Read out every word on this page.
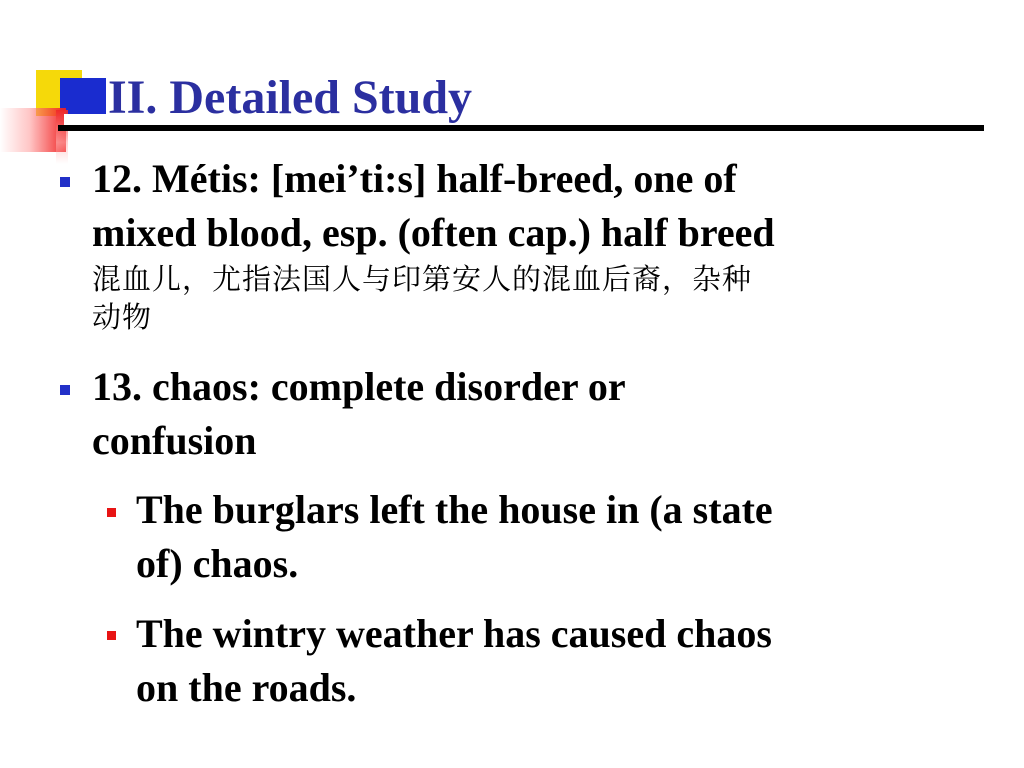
II. Detailed Study
12. Métis: [mei’ti:s] half-breed, one of
mixed blood, esp. (often cap.) half breed
混血儿，尤指法国人与印第安人的混血后裔，杂种
动物
13. chaos: complete disorder or
confusion
The burglars left the house in (a state
of) chaos.
The wintry weather has caused chaos
on the roads.
